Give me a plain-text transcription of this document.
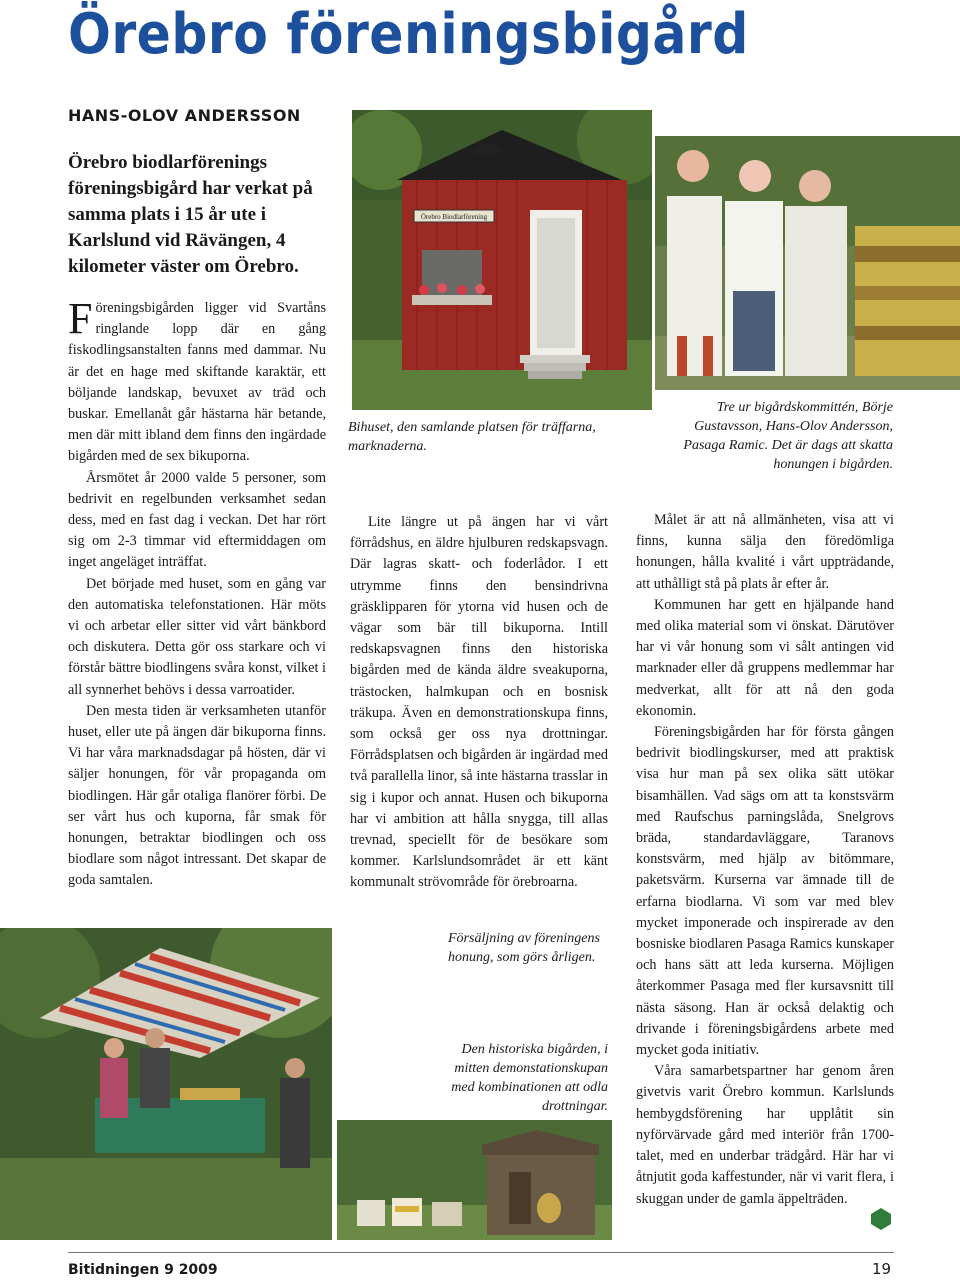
Örebro föreningsbigård
HANS-OLOV ANDERSSON
Örebro biodlarförenings föreningsbigård har verkat på samma plats i 15 år ute i Karlslund vid Rävängen, 4 kilometer väster om Örebro.

Föreningsbigården ligger vid Svartåns ringlande lopp där en gång fiskodlingsanstalten fanns med dammar. Nu är det en hage med skiftande karaktär, ett böljande landskap, bevuxet av träd och buskar. Emellanåt går hästarna här betande, men där mitt ibland dem finns den ingärdade bigården med de sex bikuporna.

Årsmötet år 2000 valde 5 personer, som bedrivit en regelbunden verksamhet sedan dess, med en fast dag i veckan. Det har rört sig om 2-3 timmar vid eftermiddagen om inget angeläget inträffat.

Det började med huset, som en gång var den automatiska telefonstationen. Här möts vi och arbetar eller sitter vid vårt bänkbord och diskutera. Detta gör oss starkare och vi förstår bättre biodlingens svåra konst, vilket i all synnerhet behövs i dessa varroatider.

Den mesta tiden är verksamheten utanför huset, eller ute på ängen där bikuporna finns. Vi har våra marknadsdagar på hösten, där vi säljer honungen, för vår propaganda om biodlingen. Här går otaliga flanörer förbi. De ser vårt hus och kuporna, får smak för honungen, betraktar biodlingen och oss biodlare som något intressant. Det skapar de goda samtalen.

Örebro Biodlarförening
Bihuset, den samlande platsen för träffarna, marknaderna.
Tre ur bigårdskommittén, Börje Gustavsson, Hans-Olov Andersson, Pasaga Ramic. Det är dags att skatta honungen i bigården.

Lite längre ut på ängen har vi vårt förrådshus, en äldre hjulburen redskapsvagn. Där lagras skatt- och foderlådor. I ett utrymme finns den bensindrivna gräsklipparen för ytorna vid husen och de vägar som bär till bikuporna. Intill redskapsvagnen finns den historiska bigården med de kända äldre sveakuporna, trästocken, halmkupan och en bosnisk träkupa. Även en demonstrationskupa finns, som också ger oss nya drottningar. Förrådsplatsen och bigården är ingärdad med två parallella linor, så inte hästarna trasslar in sig i kupor och annat. Husen och bikuporna har vi ambition att hålla snygga, till allas trevnad, speciellt för de besökare som kommer. Karlslundsområdet är ett känt kommunalt strövområde för örebroarna.

Målet är att nå allmänheten, visa att vi finns, kunna sälja den föredömliga honungen, hålla kvalité i vårt uppträdande, att uthålligt stå på plats år efter år.

Kommunen har gett en hjälpande hand med olika material som vi önskat. Därutöver har vi vår honung som vi sålt antingen vid marknader eller då gruppens medlemmar har medverkat, allt för att nå den goda ekonomin.

Föreningsbigården har för första gången bedrivit biodlingskurser, med att praktisk visa hur man på sex olika sätt utökar bisamhällen. Vad sägs om att ta konstsvärm med Raufschus parningslåda, Snelgrovs bräda, standardavläggare, Taranovs konstsvärm, med hjälp av bitömmare, paketsvärm. Kurserna var ämnade till de erfarna biodlarna. Vi som var med blev mycket imponerade och inspirerade av den bosniske biodlaren Pasaga Ramics kunskaper och hans sätt att leda kurserna. Möjligen återkommer Pasaga med fler kursavsnitt till nästa säsong. Han är också delaktig och drivande i föreningsbigårdens arbete med mycket goda initiativ.

Våra samarbetspartner har genom åren givetvis varit Örebro kommun. Karlslunds hembygdsförening har upplåtit sin nyförvärvade gård med interiör från 1700-talet, med en underbar trädgård. Här har vi åtnjutit goda kaffestunder, när vi varit flera, i skuggan under de gamla äppelträden.

Försäljning av föreningens honung, som görs årligen.
Den historiska bigården, i mitten demonstationskupan med kombinationen att odla drottningar.
Bitidningen 9 2009	19
